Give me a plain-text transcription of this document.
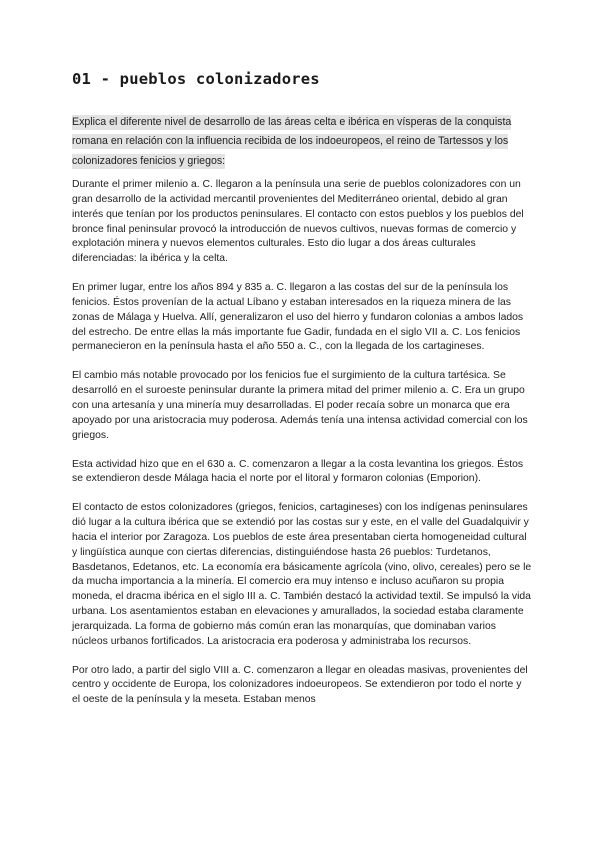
01 - pueblos colonizadores

Explica el diferente nivel de desarrollo de las áreas celta e ibérica en vísperas de la conquista romana en relación con la influencia recibida de los indoeuropeos, el reino de Tartessos y los colonizadores fenicios y griegos:

Durante el primer milenio a. C. llegaron a la península una serie de pueblos colonizadores con un gran desarrollo de la actividad mercantil provenientes del Mediterráneo oriental, debido al gran interés que tenían por los productos peninsulares. El contacto con estos pueblos y los pueblos del bronce final peninsular provocó la introducción de nuevos cultivos, nuevas formas de comercio y explotación minera y nuevos elementos culturales. Esto dio lugar a dos áreas culturales diferenciadas: la ibérica y la celta.

En primer lugar, entre los años 894 y 835 a. C. llegaron a las costas del sur de la península los fenicios. Éstos provenían de la actual Líbano y estaban interesados en la riqueza minera de las zonas de Málaga y Huelva. Allí, generalizaron el uso del hierro y fundaron colonias a ambos lados del estrecho. De entre ellas la más importante fue Gadir, fundada en el siglo VII a. C. Los fenicios permanecieron en la península hasta el año 550 a. C., con la llegada de los cartagineses.

El cambio más notable provocado por los fenicios fue el surgimiento de la cultura tartésica. Se desarrolló en el suroeste peninsular durante la primera mitad del primer milenio a. C. Era un grupo con una artesanía y una minería muy desarrolladas. El poder recaía sobre un monarca que era apoyado por una aristocracia muy poderosa. Además tenía una intensa actividad comercial con los griegos.

Esta actividad hizo que en el 630 a. C. comenzaron a llegar a la costa levantina los griegos. Éstos se extendieron desde Málaga hacia el norte por el litoral y formaron colonias (Emporion).

El contacto de estos colonizadores (griegos, fenicios, cartagineses) con los indígenas peninsulares dió lugar a la cultura ibérica que se extendió por las costas sur y este, en el valle del Guadalquivir y hacia el interior por Zaragoza. Los pueblos de este área presentaban cierta homogeneidad cultural y lingüística aunque con ciertas diferencias, distinguiéndose hasta 26 pueblos: Turdetanos, Basdetanos, Edetanos, etc. La economía era básicamente agrícola (vino, olivo, cereales) pero se le da mucha importancia a la minería. El comercio era muy intenso e incluso acuñaron su propia moneda, el dracma ibérica en el siglo III a. C. También destacó la actividad textil. Se impulsó la vida urbana. Los asentamientos estaban en elevaciones y amurallados, la sociedad estaba claramente jerarquizada. La forma de gobierno más común eran las monarquías, que dominaban varios núcleos urbanos fortificados. La aristocracia era poderosa y administraba los recursos.

Por otro lado, a partir del siglo VIII a. C. comenzaron a llegar en oleadas masivas, provenientes del centro y occidente de Europa, los colonizadores indoeuropeos. Se extendieron por todo el norte y el oeste de la península y la meseta. Estaban menos
